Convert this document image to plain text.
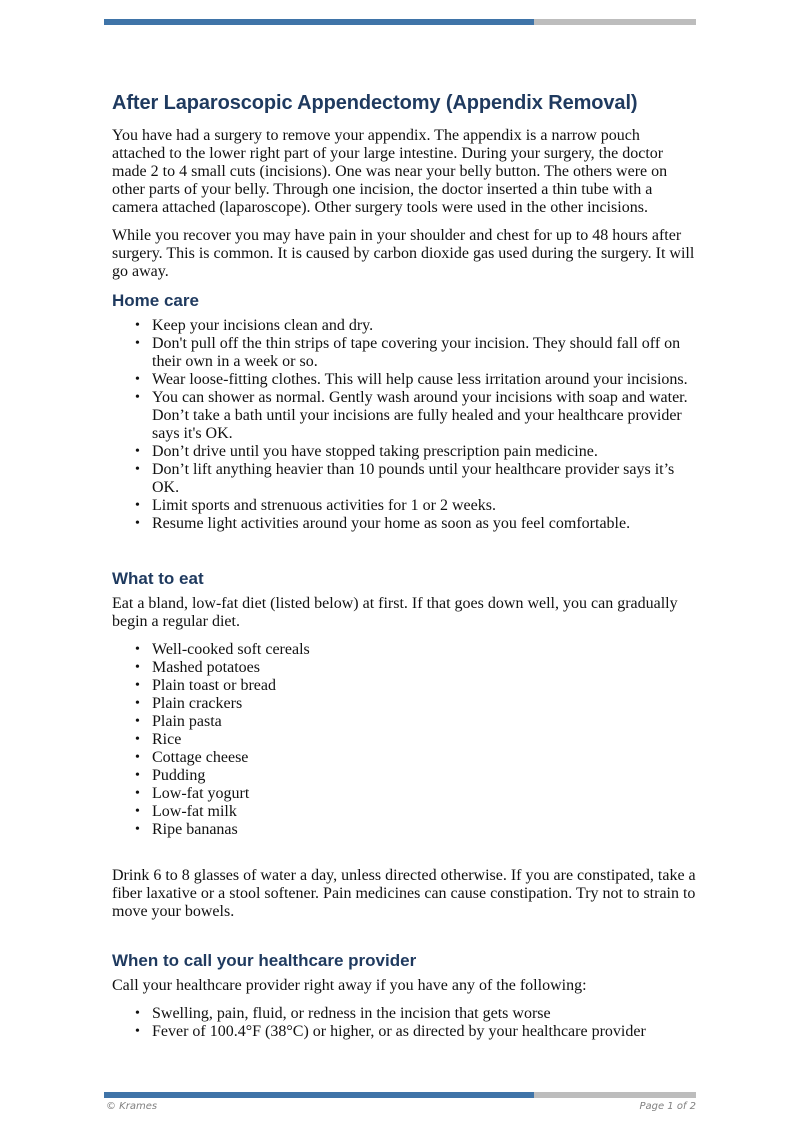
After Laparoscopic Appendectomy (Appendix Removal)

You have had a surgery to remove your appendix. The appendix is a narrow pouch attached to the lower right part of your large intestine. During your surgery, the doctor made 2 to 4 small cuts (incisions). One was near your belly button. The others were on other parts of your belly. Through one incision, the doctor inserted a thin tube with a camera attached (laparoscope). Other surgery tools were used in the other incisions.

While you recover you may have pain in your shoulder and chest for up to 48 hours after surgery. This is common. It is caused by carbon dioxide gas used during the surgery. It will go away.

Home care
• Keep your incisions clean and dry.
• Don't pull off the thin strips of tape covering your incision. They should fall off on their own in a week or so.
• Wear loose-fitting clothes. This will help cause less irritation around your incisions.
• You can shower as normal. Gently wash around your incisions with soap and water. Don’t take a bath until your incisions are fully healed and your healthcare provider says it's OK.
• Don’t drive until you have stopped taking prescription pain medicine.
• Don’t lift anything heavier than 10 pounds until your healthcare provider says it’s OK.
• Limit sports and strenuous activities for 1 or 2 weeks.
• Resume light activities around your home as soon as you feel comfortable.
What to eat

Eat a bland, low-fat diet (listed below) at first. If that goes down well, you can gradually begin a regular diet.

• Well-cooked soft cereals
• Mashed potatoes
• Plain toast or bread
• Plain crackers
• Plain pasta
• Rice
• Cottage cheese
• Pudding
• Low-fat yogurt
• Low-fat milk
• Ripe bananas

Drink 6 to 8 glasses of water a day, unless directed otherwise. If you are constipated, take a fiber laxative or a stool softener. Pain medicines can cause constipation. Try not to strain to move your bowels.

When to call your healthcare provider

Call your healthcare provider right away if you have any of the following:

• Swelling, pain, fluid, or redness in the incision that gets worse
• Fever of 100.4°F (38°C) or higher, or as directed by your healthcare provider
© Krames	Page 1 of 2
